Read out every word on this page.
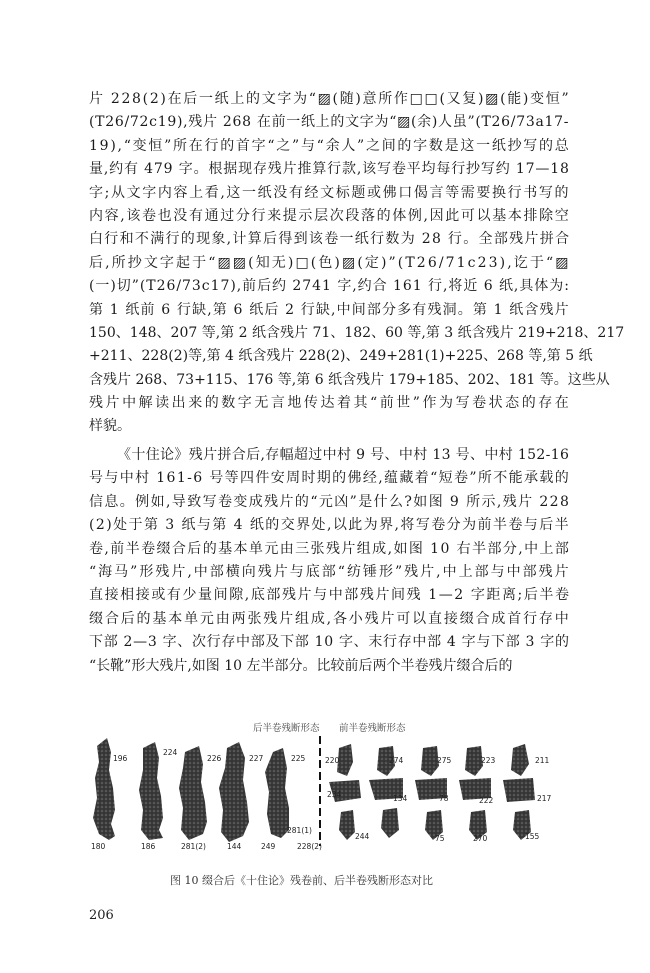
片
2 2 8 ( 2 ) 在 后 一 纸 上 的 文 字 为 “ ▨ ( 随 ) 意 所 作 □ □ ( 又 复 ) ▨ ( 能 ) 变 恒 ”
( T 2 6 / 7 2 c 1 9 ) , 残 片
2 6 8
在 前 一 纸 上 的 文 字 为 “ ▨ ( 余 ) 人 虽 ” ( T 2 6 / 7 3 a 1 7 -
1 9 ) , “ 变 恒 ” 所 在 行 的 首 字 “ 之 ” 与 “ 余 人 ” 之 间 的 字 数 是 这 一 纸 抄 写 的 总
量 , 约 有
4 7 9
字 。 根 据 现 存 残 片 推 算 行 款 , 该 写 卷 平 均 每 行 抄 写 约
1 7 — 1 8
字 ; 从 文 字 内 容 上 看 , 这 一 纸 没 有 经 文 标 题 或 佛 口 偈 言 等 需 要 换 行 书 写 的
内 容 , 该 卷 也 没 有 通 过 分 行 来 提 示 层 次 段 落 的 体 例 , 因 此 可 以 基 本 排 除 空
白 行 和 不 满 行 的 现 象 , 计 算 后 得 到 该 卷 一 纸 行 数 为
2 8
行 。 全 部 残 片 拼 合
后 , 所 抄 文 字 起 于 “ ▨ ▨ ( 知 无 ) □ ( 色 ) ▨ ( 定 ) ” ( T 2 6 / 7 1 c 2 3 ) , 讫 于 “ ▨
( 一 ) 切 ” ( T 2 6 / 7 3 c 1 7 ) , 前 后 约
2 7 4 1
字 , 约 合
1 6 1
行 , 将 近
6
纸 , 具 体 为 :
第
1
纸 前
6
行 缺 , 第
6
纸 后
2
行 缺 , 中 间 部 分 多 有 残 洞 。 第
1
纸 含 残 片
1 5 0 、 1 4 8 、 2 0 7
等 , 第
2
纸 含 残 片
7 1 、 1 8 2 、 6 0
等 , 第
3
纸 含 残 片
2 1 9 + 2 1 8 、 2 1 7
+ 2 1 1 、 2 2 8 ( 2 ) 等 , 第
4
纸 含 残 片
2 2 8 ( 2 ) 、 2 4 9 + 2 8 1 ( 1 ) + 2 2 5 、 2 6 8
等 , 第
5
纸
含 残 片
2 6 8 、 7 3 + 1 1 5 、 1 7 6
等 , 第
6
纸 含 残 片
1 7 9 + 1 8 5 、 2 0 2 、 1 8 1
等 。 这 些 从
残 片 中 解 读 出 来 的 数 字 无 言 地 传 达 着 其 “ 前 世 ” 作 为 写 卷 状 态 的 存 在
样貌。
《 十 住 论 》 残 片 拼 合 后 , 存 幅 超 过 中 村
9
号 、 中 村
1 3
号 、 中 村
1 5 2 - 1 6
号 与 中 村
1 6 1 - 6
号 等 四 件 安 周 时 期 的 佛 经 , 蕴 藏 着 “ 短 卷 ” 所 不 能 承 载 的
信 息 。 例 如 , 导 致 写 卷 变 成 残 片 的 “ 元 凶 ” 是 什 么 ? 如 图
9
所 示 , 残 片
2 2 8
( 2 ) 处 于 第
3
纸 与 第
4
纸 的 交 界 处 , 以 此 为 界 , 将 写 卷 分 为 前 半 卷 与 后 半
卷 , 前 半 卷 缀 合 后 的 基 本 单 元 由 三 张 残 片 组 成 , 如 图
1 0
右 半 部 分 , 中 上 部
“ 海 马 ” 形 残 片 , 中 部 横 向 残 片 与 底 部 “ 纺 锤 形 ” 残 片 , 中 上 部 与 中 部 残 片
直 接 相 接 或 有 少 量 间 隙 , 底 部 残 片 与 中 部 残 片 间 残
1 — 2
字 距 离 ; 后 半 卷
缀 合 后 的 基 本 单 元 由 两 张 残 片 组 成 , 各 小 残 片 可 以 直 接 缀 合 成 首 行 存 中
下 部
2 — 3
字 、 次 行 存 中 部 及 下 部
1 0
字 、 末 行 存 中 部
4
字 与 下 部
3
字 的
“长靴”形大残片,如图 10 左半部分。比较前后两个半卷残片缀合后的
后半卷残断形态 前半卷残断形态
196
224
226	227	225
180	186	281(2)	144	249
281(1)
228(2)
220
234
274
134
275
78
223
222
211
217
244	75	270	155
图 10 缀合后《十住论》残卷前、后半卷残断形态对比
206
